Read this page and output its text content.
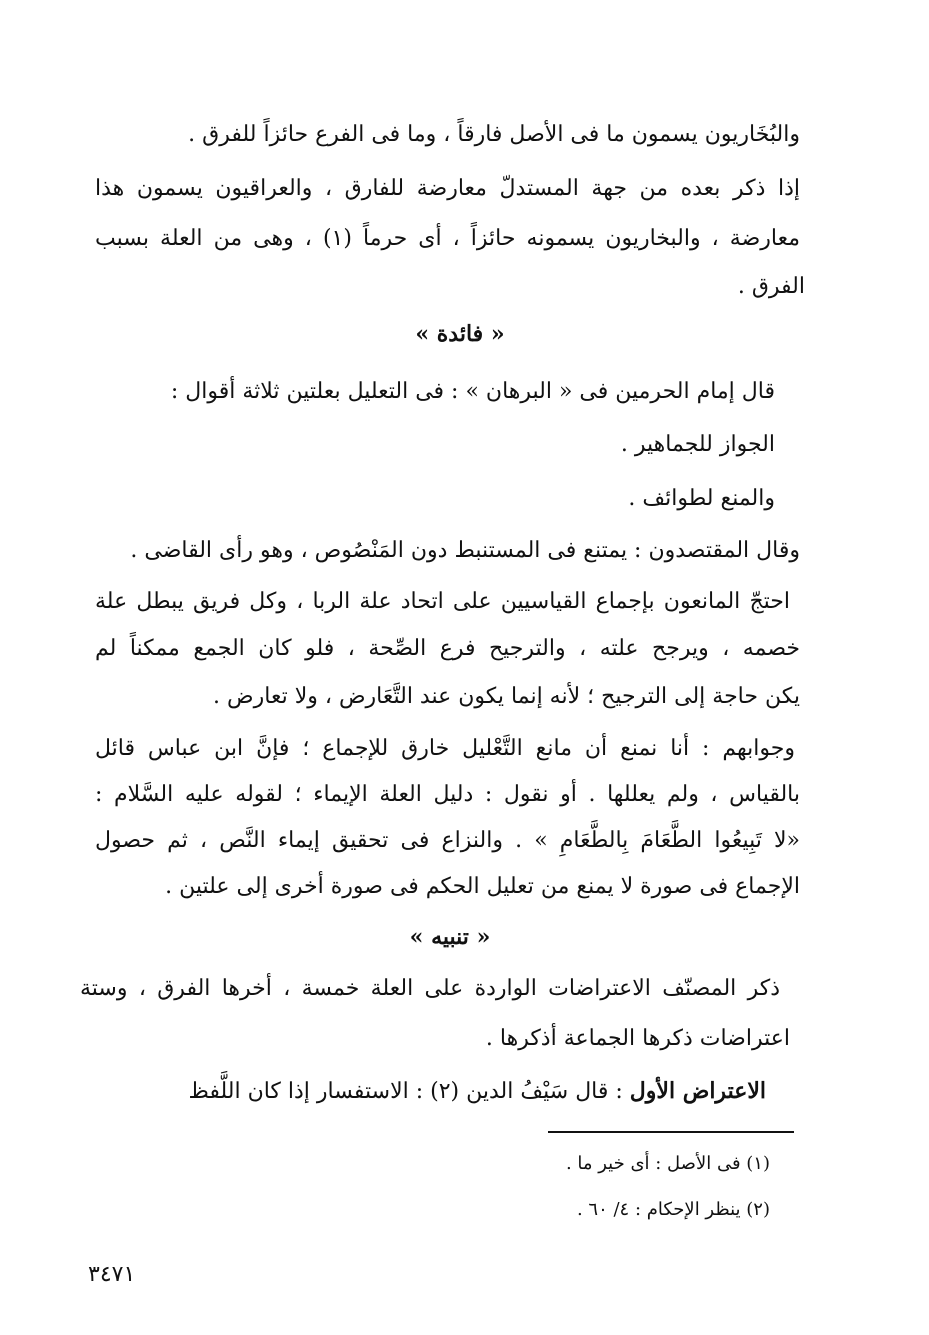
والبُخَاريون يسمون ما فى الأصل فارقاً ، وما فى الفرع حائزاً للفرق .
إذا ذكر بعده من جهة المستدلّ معارضة للفارق ، والعراقيون يسمون هذا
معارضة ، والبخاريون يسمونه حائزاً ، أى حرماً (١) ، وهى من العلة بسبب
الفرق .
« فائدة »
قال إمام الحرمين فى « البرهان » : فى التعليل بعلتين ثلاثة أقوال :
الجواز للجماهير .
والمنع لطوائف .
وقال المقتصدون : يمتنع فى المستنبط دون المَنْصُوص ، وهو رأى القاضى .
احتجّ المانعون بإجماع القياسيين على اتحاد علة الربا ، وكل فريق يبطل علة
خصمه ، ويرجح علته ، والترجيح فرع الصِّحة ، فلو كان الجمع ممكناً لم
يكن حاجة إلى الترجيح ؛ لأنه إنما يكون عند التَّعَارض ، ولا تعارض .
وجوابهم : أنا نمنع أن مانع التَّعْليل خارق للإجماع ؛ فإنَّ ابن عباس قائل
بالقياس ، ولم يعللها . أو نقول : دليل العلة الإيماء ؛ لقوله عليه السَّلام :
«لا تَبِيعُوا الطَّعَامَ بِالطَّعَامِ » . والنزاع فى تحقيق إيماء النَّص ، ثم حصول
الإجماع فى صورة لا يمنع من تعليل الحكم فى صورة أخرى إلى علتين .
« تنبيه »
ذكر المصنّف الاعتراضات الواردة على العلة خمسة ، أخرها الفرق ، وستة
اعتراضات ذكرها الجماعة أذكرها .
الاعتراض الأول : قال سَيْفُ الدين (٢) : الاستفسار إذا كان اللَّفظ
(١) فى الأصل : أى خير ما .
(٢) ينظر الإحكام : ٤/ ٦٠ .
٣٤٧١
